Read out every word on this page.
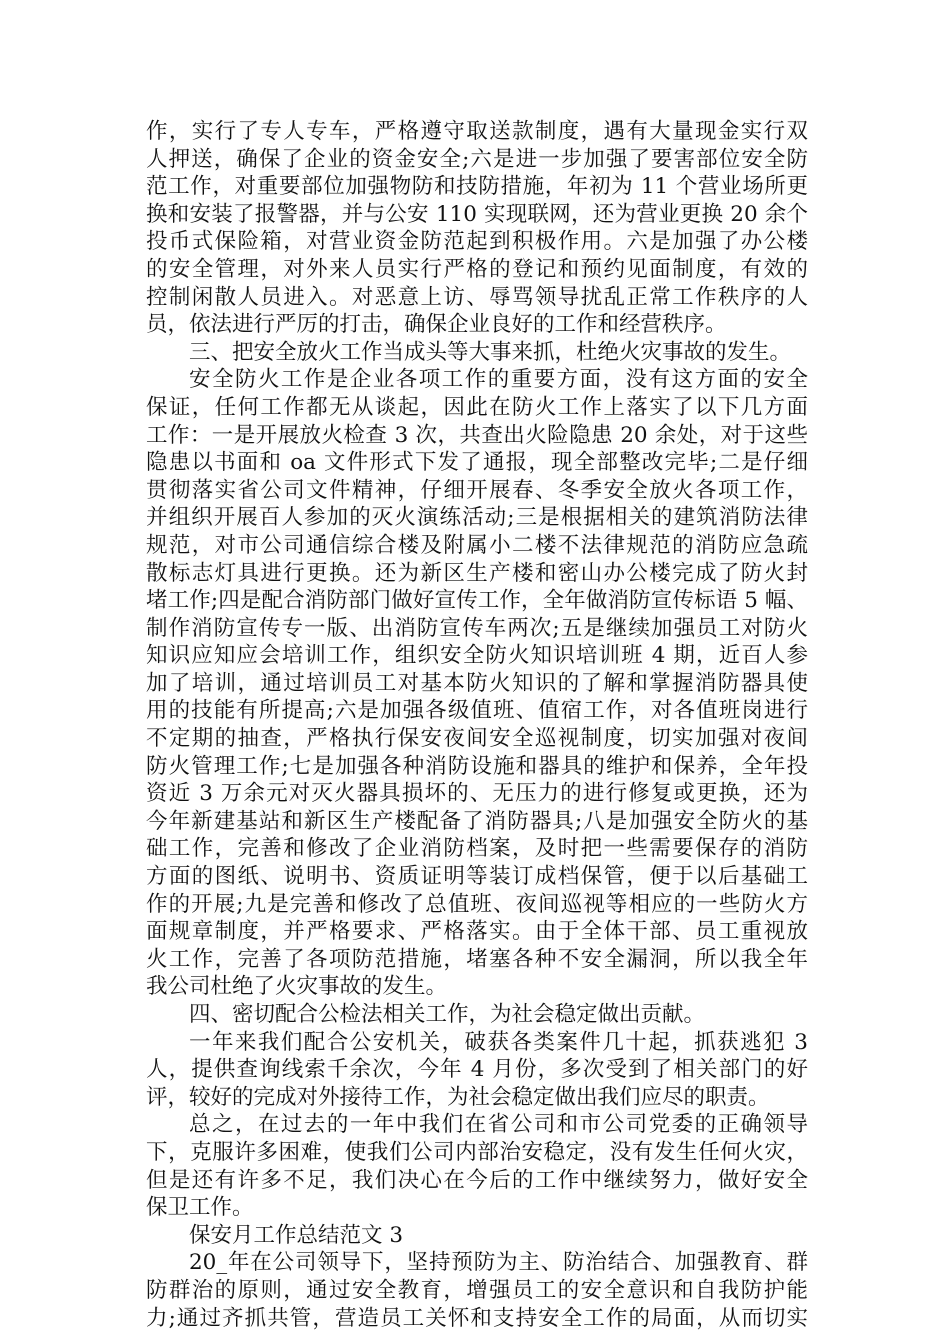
作，实行了专人专车，严格遵守取送款制度，遇有大量现金实行双
人押送，确保了企业的资金安全;六是进一步加强了要害部位安全防
范工作，对重要部位加强物防和技防措施，年初为 11 个营业场所更
换和安装了报警器，并与公安 110 实现联网，还为营业更换 20 余个
投币式保险箱，对营业资金防范起到积极作用。六是加强了办公楼
的安全管理，对外来人员实行严格的登记和预约见面制度，有效的
控制闲散人员进入。对恶意上访、辱骂领导扰乱正常工作秩序的人
员，依法进行严厉的打击，确保企业良好的工作和经营秩序。
三、把安全放火工作当成头等大事来抓，杜绝火灾事故的发生。
安全防火工作是企业各项工作的重要方面，没有这方面的安全
保证，任何工作都无从谈起，因此在防火工作上落实了以下几方面
工作：一是开展放火检查 3 次，共查出火险隐患 20 余处，对于这些
隐患以书面和 oa 文件形式下发了通报，现全部整改完毕;二是仔细
贯彻落实省公司文件精神，仔细开展春、冬季安全放火各项工作，
并组织开展百人参加的灭火演练活动;三是根据相关的建筑消防法律
规范，对市公司通信综合楼及附属小二楼不法律规范的消防应急疏
散标志灯具进行更换。还为新区生产楼和密山办公楼完成了防火封
堵工作;四是配合消防部门做好宣传工作，全年做消防宣传标语 5 幅、
制作消防宣传专一版、出消防宣传车两次;五是继续加强员工对防火
知识应知应会培训工作，组织安全防火知识培训班 4 期，近百人参
加了培训，通过培训员工对基本防火知识的了解和掌握消防器具使
用的技能有所提高;六是加强各级值班、值宿工作，对各值班岗进行
不定期的抽查，严格执行保安夜间安全巡视制度，切实加强对夜间
防火管理工作;七是加强各种消防设施和器具的维护和保养，全年投
资近 3 万余元对灭火器具损坏的、无压力的进行修复或更换，还为
今年新建基站和新区生产楼配备了消防器具;八是加强安全防火的基
础工作，完善和修改了企业消防档案，及时把一些需要保存的消防
方面的图纸、说明书、资质证明等装订成档保管，便于以后基础工
作的开展;九是完善和修改了总值班、夜间巡视等相应的一些防火方
面规章制度，并严格要求、严格落实。由于全体干部、员工重视放
火工作，完善了各项防范措施，堵塞各种不安全漏洞，所以我全年
我公司杜绝了火灾事故的发生。
四、密切配合公检法相关工作，为社会稳定做出贡献。
一年来我们配合公安机关，破获各类案件几十起，抓获逃犯 3
人，提供查询线索千余次，今年 4 月份，多次受到了相关部门的好
评，较好的完成对外接待工作，为社会稳定做出我们应尽的职责。
总之，在过去的一年中我们在省公司和市公司党委的正确领导
下，克服许多困难，使我们公司内部治安稳定，没有发生任何火灾，
但是还有许多不足，我们决心在今后的工作中继续努力，做好安全
保卫工作。
保安月工作总结范文 3
20_年在公司领导下，坚持预防为主、防治结合、加强教育、群
防群治的原则，通过安全教育，增强员工的安全意识和自我防护能
力;通过齐抓共管，营造员工关怀和支持安全工作的局面，从而切实
